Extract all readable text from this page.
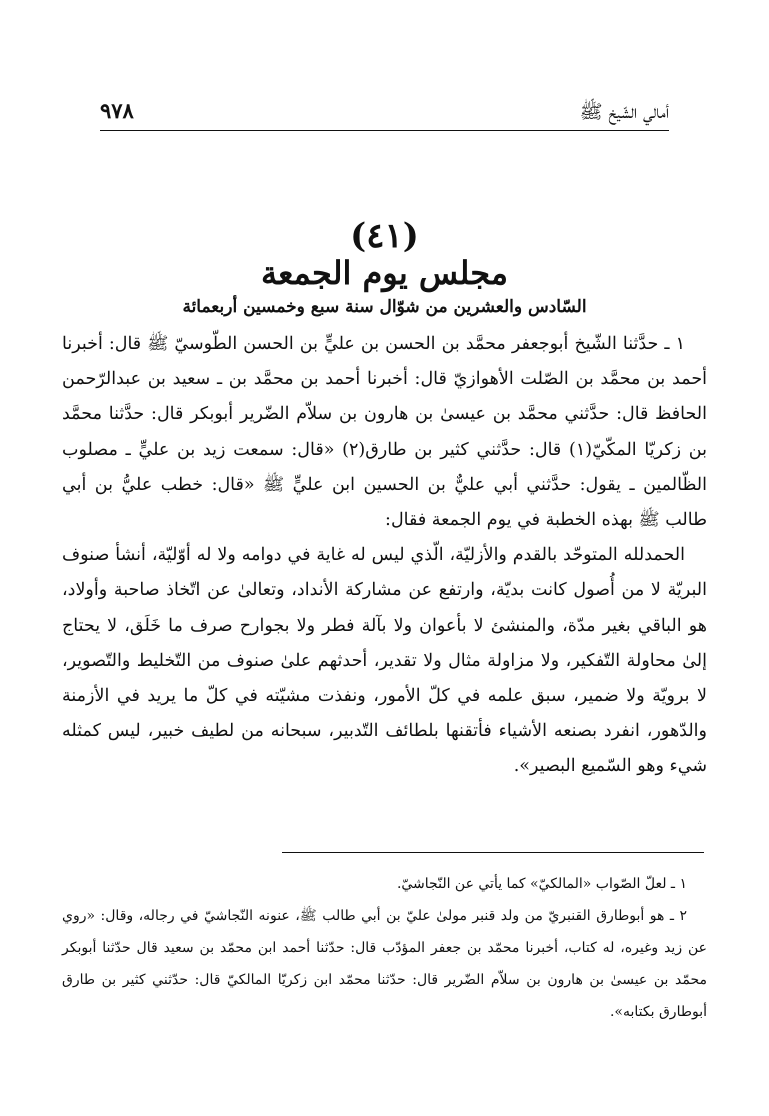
أمالي الشّيخ ﷺ
٩٧٨
(٤١)
مجلس يوم الجمعة
السّادس والعشرين من شوّال سنة سبع وخمسين أربعمائة

١ ـ حدَّثنا الشّيخ أبوجعفر محمَّد بن الحسن بن عليٍّ بن الحسن الطّوسيّ ﷺ قال: أخبرنا أحمد بن محمَّد بن الصّلت الأهوازيّ قال: أخبرنا أحمد بن محمَّد بن ـ سعيد بن عبدالرّحمن الحافظ قال: حدَّثني محمَّد بن عيسىٰ بن هارون بن سلاّم الضّرير أبوبكر قال: حدَّثنا محمَّد بن زكريّا المكّيّ(١) قال: حدَّثني كثير بن طارق(٢) «قال: سمعت زيد بن عليٍّ ـ مصلوب الظّالمين ـ يقول: حدَّثني أبي عليٌّ بن الحسين ابن عليٍّ ﷺ «قال: خطب عليُّ بن أبي طالب ﷺ بهذه الخطبة في يوم الجمعة فقال:

الحمدلله المتوحّد بالقدم والأزليّة، الّذي ليس له غاية في دوامه ولا له أوّليّة، أنشأ صنوف البريّة لا من أُصول كانت بديّة، وارتفع عن مشاركة الأنداد، وتعالىٰ عن اتّخاذ صاحبة وأولاد، هو الباقي بغير مدّة، والمنشئ لا بأعوان ولا بآلة فطر ولا بجوارح صرف ما خَلَق، لا يحتاج إلىٰ محاولة التّفكير، ولا مزاولة مثال ولا تقدير، أحدثهم علىٰ صنوف من التّخليط والتّصوير، لا برويّة ولا ضمير، سبق علمه في كلّ الأمور، ونفذت مشيّته في كلّ ما يريد في الأزمنة والدّهور، انفرد بصنعه الأشياء فأتقنها بلطائف التّدبير، سبحانه من لطيف خبير، ليس كمثله شيء وهو السّميع البصير».

١ ـ لعلّ الصّواب «المالكيّ» كما يأتي عن النّجاشيّ.

٢ ـ هو أبوطارق القنبريّ من ولد قنبر مولىٰ عليّ بن أبي طالب ﷺ، عنونه النّجاشيّ في رجاله، وقال: «روي عن زيد وغيره، له كتاب، أخبرنا محمّد بن جعفر المؤدّب قال: حدّثنا أحمد ابن محمّد بن سعيد قال حدّثنا أبوبكر محمّد بن عيسىٰ بن هارون بن سلاّم الضّرير قال: حدّثنا محمّد ابن زكريّا المالكيّ قال: حدّثني كثير بن طارق أبوطارق بكتابه».
